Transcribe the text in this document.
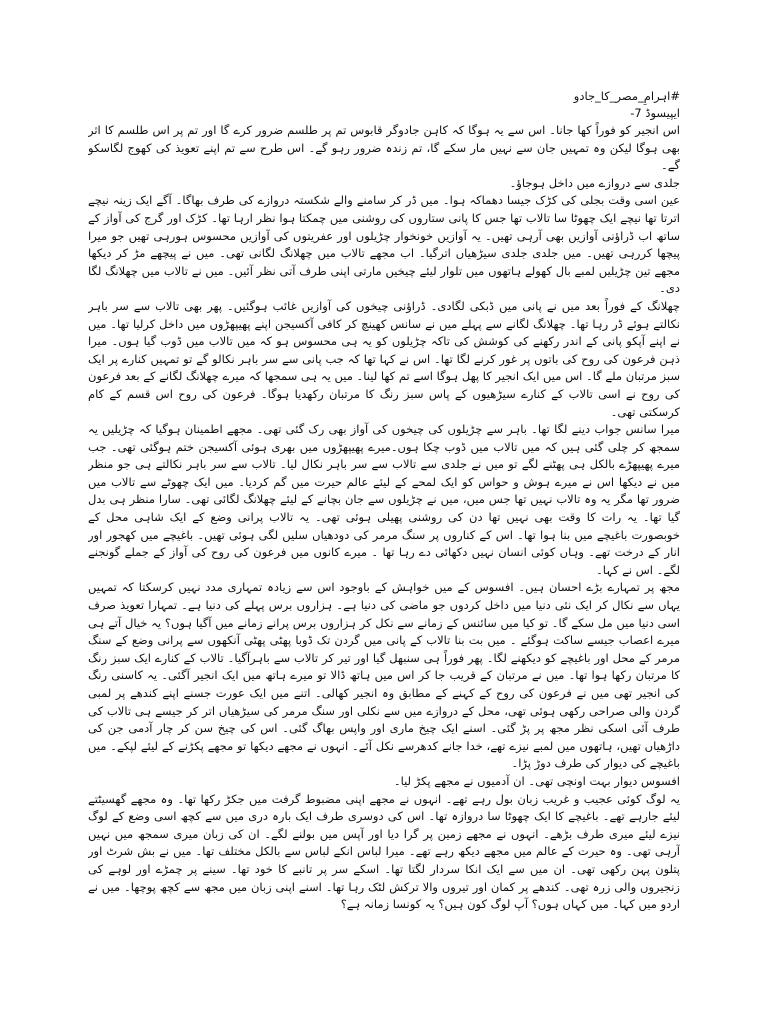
#اہرامِ_مصر_کا_جادو

ایپیسوڈ 7-

اس انجیر کو فوراً کھا جانا۔ اس سے یہ ہوگا کہ کاہن جادوگر قابوس تم پر طلسم ضرور کرے گا اور تم پر اس طلسم کا اثر بھی ہوگا لیکن وہ تمہیں جان سے نہیں مار سکے گا، تم زندہ ضرور رہو گے۔ اس طرح سے تم اپنے تعویذ کی کھوج لگاسکو گے۔

جلدی سے دروازے میں داخل ہوجاؤ۔

عین اسی وقت بجلی کی کڑک جیسا دھماکہ ہوا۔ میں ڈر کر سامنے والے شکستہ دروازے کی طرف بھاگا۔ آگے ایک زینہ نیچے اترتا تھا نیچے ایک چھوٹا سا تالاب تھا جس کا پانی ستاروں کی روشنی میں چمکتا ہوا نظر ارہا تھا۔ کڑک اور گرج کی آواز کے ساتھ اب ڈراؤنی آوازیں بھی آرہی تھیں۔ یہ آوازیں خونخوار چڑیلوں اور عفریتوں کی آوازیں محسوس ہورہی تھیں جو میرا پیچھا کررہی تھیں۔ میں جلدی جلدی سیڑھیاں اترگیا۔ اب مجھے تالاب میں چھلانگ لگانی تھی۔ میں نے پیچھے مڑ کر دیکھا مجھے تین چڑیلیں لمبے بال کھولے ہاتھوں میں تلوار لیئے چیخیں مارتی اپنی طرف آتی نظر آئیں۔ میں نے تالاب میں چھلانگ لگا دی۔

چھلانگ کے فوراً بعد میں نے پانی میں ڈبکی لگادی۔ ڈراؤنی چیخوں کی آوازیں غائب ہوگئیں۔ پھر بھی تالاب سے سر باہر نکالتے ہوئے ڈر رہا تھا۔ چھلانگ لگانے سے پہلے میں نے سانس کھینچ کر کافی آکسیجن اپنے پھیپھڑوں میں داخل کرلیا تھا۔ میں نے اپنے آپکو پانی کے اندر رکھنے کی کوشش کی تاکہ چڑیلوں کو یہ ہی محسوس ہو کہ میں تالاب میں ڈوب گیا ہوں۔ میرا ذہن فرعون کی روح کی باتوں پر غور کرنے لگا تھا۔ اس نے کہا تھا کہ جب پانی سے سر باہر نکالو گے تو تمہیں کنارے پر ایک سبز مرتبان ملے گا۔ اس میں ایک انجیر کا پھل ہوگا اسے تم کھا لینا۔ میں یہ ہی سمجھا کہ میرے چھلانگ لگانے کے بعد فرعون کی روح نے اسی تالاب کے کنارے سیڑھیوں کے پاس سبز رنگ کا مرتبان رکھدیا ہوگا۔ فرعون کی روح اس قسم کے کام کرسکتی تھی۔

میرا سانس جواب دینے لگا تھا۔ باہر سے چڑیلوں کی چیخوں کی آواز بھی رک گئی تھی۔ مجھے اطمینان ہوگیا کہ چڑیلیں یہ سمجھ کر چلی گئی ہیں کہ میں تالاب میں ڈوب چکا ہوں۔میرے پھیپھڑوں میں بھری ہوئی آکسیجن ختم ہوگئی تھی۔ جب میرے پھیپھڑے بالکل ہی پھٹنے لگے تو میں نے جلدی سے تالاب سے سر باہر نکال لیا۔ تالاب سے سر باہر نکالتے ہی جو منظر میں نے دیکھا اس نے میرے ہوش و حواس کو ایک لمحے کے لیئے عالم حیرت میں گم کردیا۔ میں ایک چھوٹے سے تالاب میں ضرور تھا مگر یہ وہ تالاب نہیں تھا جس میں، میں نے چڑیلوں سے جان بچانے کے لیئے چھلانگ لگائی تھی۔ سارا منظر ہی بدل گیا تھا۔ یہ رات کا وقت بھی نہیں تھا دن کی روشنی پھیلی ہوئی تھی۔ یہ تالاب پرانی وضع کے ایک شاہی محل کے خوبصورت باغیچے میں بنا ہوا تھا۔ اس کے کناروں پر سنگ مرمر کی دودھیاں سلیں لگی ہوئی تھیں۔ باغیچے میں کھجور اور انار کے درخت تھے۔ وہاں کوئی انسان نہیں دکھائی دے رہا تھا ۔ میرے کانوں میں فرعون کی روح کی آواز کے جملے گونجنے لگے۔ اس نے کہا۔

مجھ پر تمہارے بڑے احسان ہیں۔ افسوس کے میں خواہش کے باوجود اس سے زیادہ تمہاری مدد نہیں کرسکتا کہ تمہیں یہاں سے نکال کر ایک نئی دنیا میں داخل کردوں جو ماضی کی دنیا ہے۔ ہزاروں برس پہلے کی دنیا ہے۔ تمہارا تعویذ صرف اسی دنیا میں مل سکے گا۔ تو کیا میں سائنس کے زمانے سے نکل کر ہزاروں برس پرانے زمانے میں آگیا ہوں؟ یہ خیال آتے ہی میرے اعصاب جیسے ساکت ہوگئے ۔ میں بت بنا تالاب کے پانی میں گردن تک ڈوبا پھٹی پھٹی آنکھوں سے پرانی وضع کے سنگ مرمر کے محل اور باغیچے کو دیکھنے لگا۔ پھر فوراً ہی سنبھل گیا اور تیر کر تالاب سے باہرآگیا۔ تالاب کے کنارے ایک سبز رنگ کا مرتبان رکھا ہوا تھا۔ میں نے مرتبان کے قریب جا کر اس میں ہاتھ ڈالا تو میرے ہاتھ میں ایک انجیر آگئی۔ یہ کاسنی رنگ کی انجیر تھی میں نے فرعون کی روح کے کہنے کے مطابق وہ انجیر کھالی۔ اتنے میں ایک عورت جسنے اپنے کندھے پر لمبی گردن والی صراحی رکھی ہوئی تھی، محل کے دروازے میں سے نکلی اور سنگ مرمر کی سیڑھیاں اتر کر جیسے ہی تالاب کی طرف آئی اسکی نظر مجھ پر پڑ گئی۔ اسنے ایک چیخ ماری اور واپس بھاگ گئی۔ اس کی چیخ سن کر چار آدمی جن کی داڑھیاں تھیں، ہاتھوں میں لمبے نیزے تھے، خدا جانے کدھرسے نکل آئے۔ انہوں نے مجھے دیکھا تو مجھے پکڑنے کے لیئے لپکے۔ میں باغیچے کی دیوار کی طرف دوڑ پڑا۔

افسوس دیوار بہت اونچی تھی۔ ان آدمیوں نے مجھے پکڑ لیا۔

یہ لوگ کوئی عجیب و غریب زبان بول رہے تھے۔ انہوں نے مجھے اپنی مضبوط گرفت میں جکڑ رکھا تھا۔ وہ مجھے گھسیٹتے لیئے جارہے تھے۔ باغیچے کا ایک چھوٹا سا دروازہ تھا۔ اس کی دوسری طرف ایک بارہ دری میں سے کچھ اسی وضع کے لوگ نیزے لیئے میری طرف بڑھے۔ انہوں نے مجھے زمین پر گرا دیا اور آپس میں بولنے لگے۔ ان کی زبان میری سمجھ میں نہیں آرہی تھی۔ وہ حیرت کے عالم میں مجھے دیکھ رہے تھے۔ میرا لباس انکے لباس سے بالکل مختلف تھا۔ میں نے بش شرٹ اور پتلون پہن رکھی تھی۔ ان میں سے ایک انکا سردار لگتا تھا۔ اسکے سر پر تانبے کا خود تھا۔ سینے پر چمڑے اور لوہے کی زنجیروں والی زرہ تھی۔ کندھے پر کمان اور تیروں والا ترکش لٹک رہا تھا۔ اسنے اپنی زبان میں مجھ سے کچھ پوچھا۔ میں نے اردو میں کہا۔ میں کہاں ہوں؟ آپ لوگ کون ہیں؟ یہ کونسا زمانہ ہے؟
